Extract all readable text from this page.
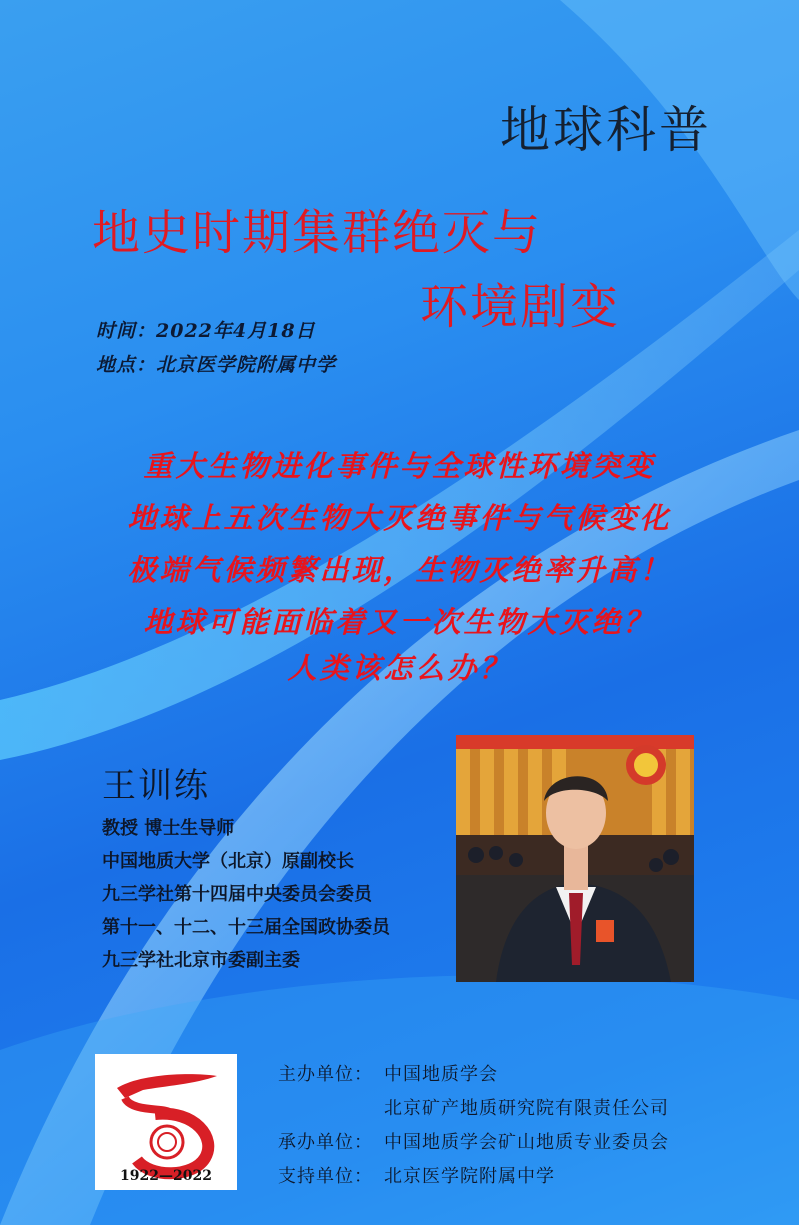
地球科普
地史时期集群绝灭与
环境剧变
时间：2022年4月18日
地点：北京医学院附属中学
重大生物进化事件与全球性环境突变
地球上五次生物大灭绝事件与气候变化
极端气候频繁出现，生物灭绝率升高！
地球可能面临着又一次生物大灭绝？
人类该怎么办？
王训练
教授 博士生导师
中国地质大学（北京）原副校长
九三学社第十四届中央委员会委员
第十一、十二、十三届全国政协委员
九三学社北京市委副主委
1922—2022
主办单位： 中国地质学会
北京矿产地质研究院有限责任公司
承办单位： 中国地质学会矿山地质专业委员会
支持单位： 北京医学院附属中学
